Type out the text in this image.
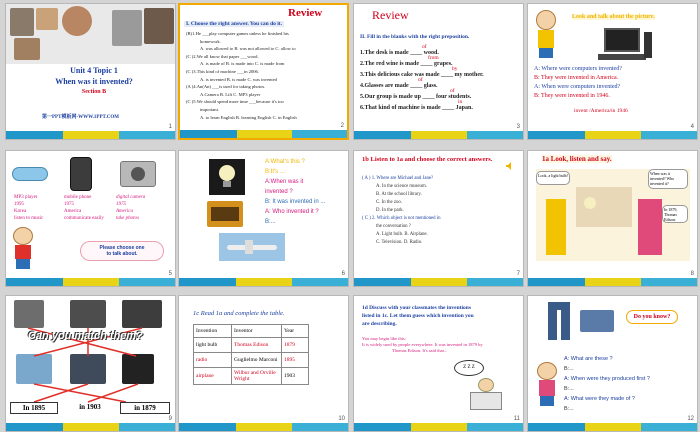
Unit 4 Topic 1
When was it invented?
Section B
第一PPT模板网-WWW.1PPT.COM
1
Review
I. Choose the right answer. You can do it.
(B)1.He ___play computer games unless he finished his
homework.
A. was allowed to B. was not allowed to C. allow to
(C )2.We all know that paper ___wood.
A. is made of B. is made into C. is made from
(C )3.This kind of machine ___in 2006.
A. is invented B. is made C. was invented
(A )4.An(An) ___is used for taking photos.
A.Camera B. Lift C. MP3 player
(C )5.We should spend more time ___because it's too
important.
A. to learn English B. learning English C. in English
2
Review
II. Fill in the blanks with the right preposition.
1.The desk is made ____ wood.
2.The red wine is made ____ grapes.
3.This delicious cake was made ____ my mother.
4.Glasses are made ____ glass.
5.Our group is made up ____ four students.
6.That kind of machine is made ____ Japan.
3
of
from
by
of
of
in
Look and talk about the picture.
A: Where were computers invented?
B: They were invented in America.
A: When were computers invented?
B: They were invented in 1946.
invent /America/in 1946
4
Please choose one
to talk about.
5
MP3 player
1995
Korea
listen to music
mobile phone
1975
America
communicate easily
digital camera
1975
America
take photos
A:What's this ?
B:It's ...
A:When was it
invented ?
B: It was invented in ...
A: Who invented it ?
B:...
6
1b Listen to 1a and choose the correct answers.
( A ) 1. Where are Michael and Jane?
A. In the science museum.
B. At the school library.
C. In the zoo.
D. In the park.
( C ) 2. Which object is not mentioned in
the conversation ?
A. Light bulb. B. Airplane.
C. Television. D. Radio.
7
1a Look, listen and say.
Look, a light bulb!	When was it invented? Who invented it?
In 1879, Thomas Edison.
8
Can you match them?
In 1895	in 1903	in 1879
9
1c Read 1a and complete the table.
Invention	Inventor	Year
light bulb	Thomas Edison	1879
radio	Guglielmo Marconi	1895
airplane	Wilbur and Orville Wright	1903
10
1d Discuss with your classmates the inventions
listed in 1c. Let them guess which invention you
are describing.
You may begin like this:
It is widely used by people everywhere. It was invented in 1879 by
Thomas Edison. It's said that...
Z Z Z
11
Do you know?
A: What are these ?
B:...
A: When were they produced first ?
B:...
A: What were they made of ?
B:...
12
